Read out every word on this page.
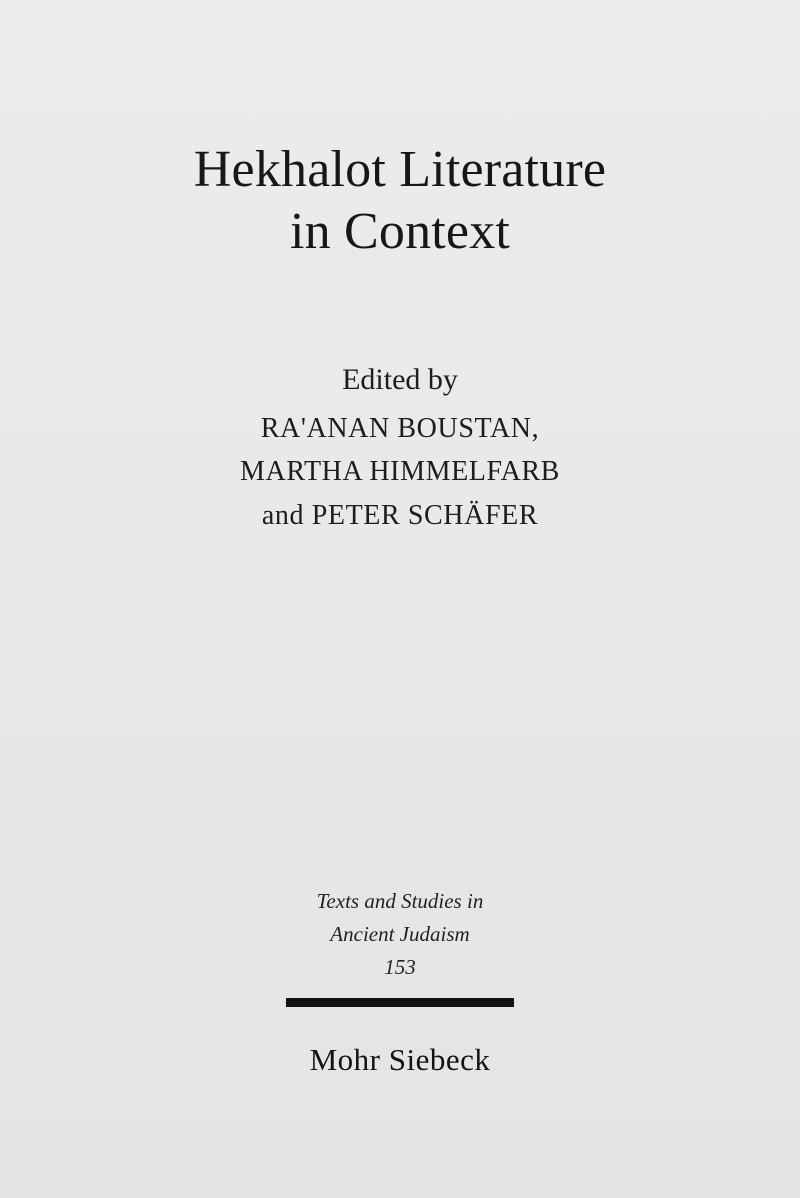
Hekhalot Literature
in Context
Edited by
RA'ANAN BOUSTAN,
MARTHA HIMMELFARB
and PETER SCHÄFER
Texts and Studies in
Ancient Judaism
153
Mohr Siebeck
